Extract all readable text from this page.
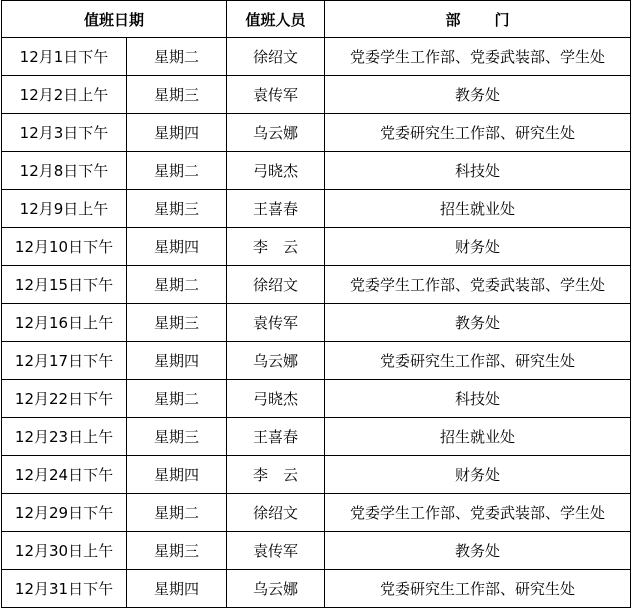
值班日期		值班人员	部 门
12月1日下午	星期二	徐绍文	党委学生工作部、党委武装部、学生处
12月2日上午	星期三	袁传军	教务处
12月3日下午	星期四	乌云娜	党委研究生工作部、研究生处
12月8日下午	星期二	弓晓杰	科技处
12月9日上午	星期三	王喜春	招生就业处
12月10日下午	星期四	李　云	财务处
12月15日下午	星期二	徐绍文	党委学生工作部、党委武装部、学生处
12月16日上午	星期三	袁传军	教务处
12月17日下午	星期四	乌云娜	党委研究生工作部、研究生处
12月22日下午	星期二	弓晓杰	科技处
12月23日上午	星期三	王喜春	招生就业处
12月24日下午	星期四	李　云	财务处
12月29日下午	星期二	徐绍文	党委学生工作部、党委武装部、学生处
12月30日上午	星期三	袁传军	教务处
12月31日下午	星期四	乌云娜	党委研究生工作部、研究生处
